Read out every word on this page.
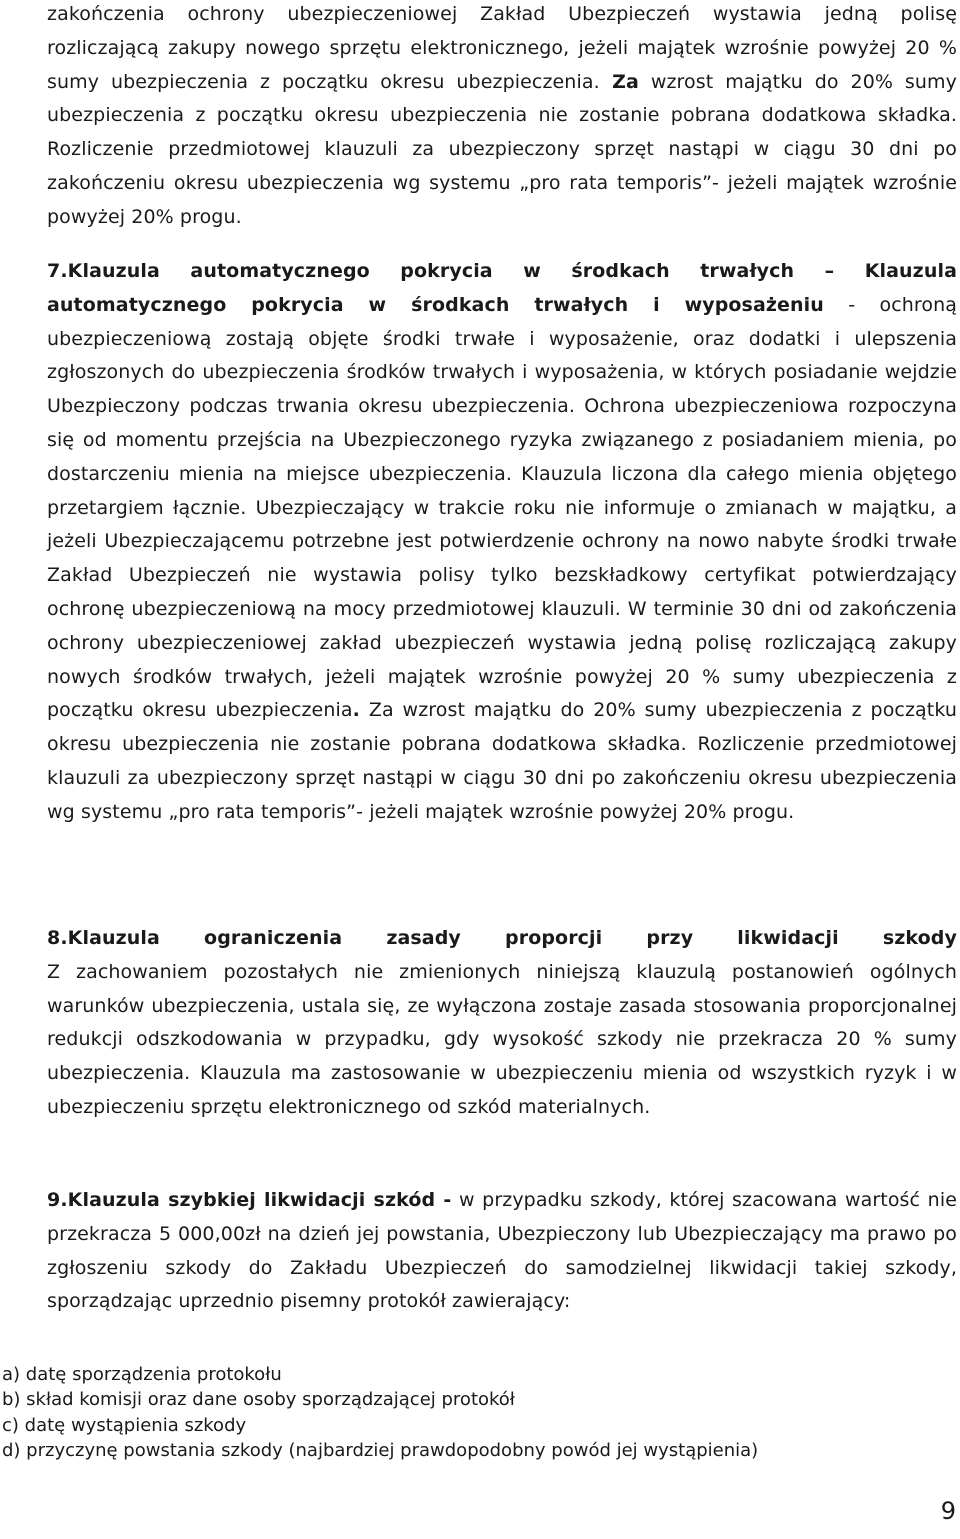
zakończenia ochrony ubezpieczeniowej Zakład Ubezpieczeń wystawia jedną polisę rozliczającą zakupy nowego sprzętu elektronicznego, jeżeli majątek wzrośnie powyżej 20 % sumy ubezpieczenia z początku okresu ubezpieczenia. Za wzrost majątku do 20% sumy ubezpieczenia z początku okresu ubezpieczenia nie zostanie pobrana dodatkowa składka. Rozliczenie przedmiotowej klauzuli za ubezpieczony sprzęt nastąpi w ciągu 30 dni po zakończeniu okresu ubezpieczenia wg systemu „pro rata temporis”- jeżeli majątek wzrośnie powyżej 20% progu.
7.Klauzula automatycznego pokrycia w środkach trwałych – Klauzula automatycznego pokrycia w środkach trwałych i wyposażeniu - ochroną ubezpieczeniową zostają objęte środki trwałe i wyposażenie, oraz dodatki i ulepszenia zgłoszonych do ubezpieczenia środków trwałych i wyposażenia, w których posiadanie wejdzie Ubezpieczony podczas trwania okresu ubezpieczenia. Ochrona ubezpieczeniowa rozpoczyna się od momentu przejścia na Ubezpieczonego ryzyka związanego z posiadaniem mienia, po dostarczeniu mienia na miejsce ubezpieczenia. Klauzula liczona dla całego mienia objętego przetargiem łącznie. Ubezpieczający w trakcie roku nie informuje o zmianach w majątku, a jeżeli Ubezpieczającemu potrzebne jest potwierdzenie ochrony na nowo nabyte środki trwałe Zakład Ubezpieczeń nie wystawia polisy tylko bezskładkowy certyfikat potwierdzający ochronę ubezpieczeniową na mocy przedmiotowej klauzuli. W terminie 30 dni od zakończenia ochrony ubezpieczeniowej zakład ubezpieczeń wystawia jedną polisę rozliczającą zakupy nowych środków trwałych, jeżeli majątek wzrośnie powyżej 20 % sumy ubezpieczenia z początku okresu ubezpieczenia. Za wzrost majątku do 20% sumy ubezpieczenia z początku okresu ubezpieczenia nie zostanie pobrana dodatkowa składka. Rozliczenie przedmiotowej klauzuli za ubezpieczony sprzęt nastąpi w ciągu 30 dni po zakończeniu okresu ubezpieczenia wg systemu „pro rata temporis”- jeżeli majątek wzrośnie powyżej 20% progu.
8.Klauzula ograniczenia zasady proporcji przy likwidacji szkody
Z zachowaniem pozostałych nie zmienionych niniejszą klauzulą postanowień ogólnych warunków ubezpieczenia, ustala się, ze wyłączona zostaje zasada stosowania proporcjonalnej redukcji odszkodowania w przypadku, gdy wysokość szkody nie przekracza 20 % sumy ubezpieczenia. Klauzula ma zastosowanie w ubezpieczeniu mienia od wszystkich ryzyk i w ubezpieczeniu sprzętu elektronicznego od szkód materialnych.
9.Klauzula szybkiej likwidacji szkód - w przypadku szkody, której szacowana wartość nie przekracza 5 000,00zł na dzień jej powstania, Ubezpieczony lub Ubezpieczający ma prawo po zgłoszeniu szkody do Zakładu Ubezpieczeń do samodzielnej likwidacji takiej szkody, sporządzając uprzednio pisemny protokół zawierający:
a) datę sporządzenia protokołu
b) skład komisji oraz dane osoby sporządzającej protokół
c) datę wystąpienia szkody
d) przyczynę powstania szkody (najbardziej prawdopodobny powód jej wystąpienia)
9
